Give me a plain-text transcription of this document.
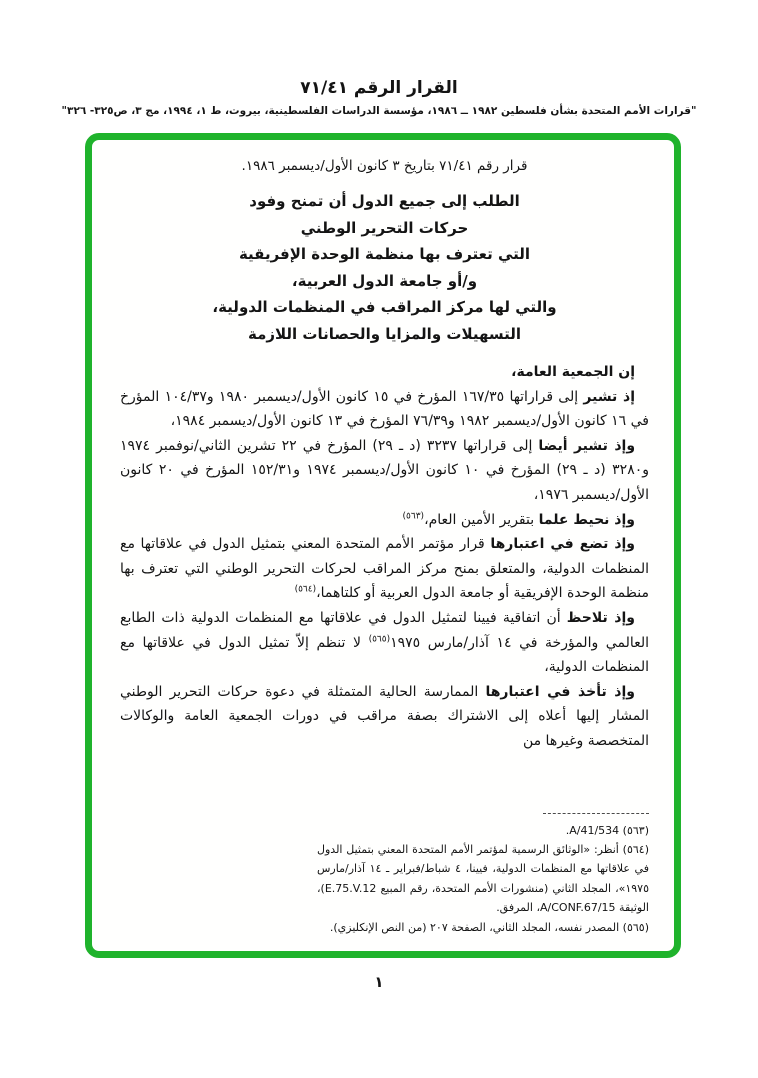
القرار الرقم ٧١/٤١
"قرارات الأمم المتحدة بشأن فلسطين ١٩٨٢ ــ ١٩٨٦، مؤسسة الدراسات الفلسطينية، بيروت، ط ١، ١٩٩٤، مج ٣، ص٣٢٥- ٣٢٦"

قرار رقم ٧١/٤١ بتاريخ ٣ كانون الأول/ديسمبر ١٩٨٦.

الطلب إلى جميع الدول أن تمنح وفود
حركات التحرير الوطني
التي تعترف بها منظمة الوحدة الإفريقية
و/أو جامعة الدول العربية،
والتي لها مركز المراقب في المنظمات الدولية،
التسهيلات والمزايا والحصانات اللازمة

إن الجمعية العامة،

إذ تشير إلى قراراتها ١٦٧/٣٥ المؤرخ في ١٥ كانون الأول/ديسمبر ١٩٨٠ و١٠٤/٣٧ المؤرخ في ١٦ كانون الأول/ديسمبر ١٩٨٢ و٧٦/٣٩ المؤرخ في ١٣ كانون الأول/ديسمبر ١٩٨٤،

وإذ تشير أيضا إلى قراراتها ٣٢٣٧ (د ـ ٢٩) المؤرخ في ٢٢ تشرين الثاني/نوفمبر ١٩٧٤ و٣٢٨٠ (د ـ ٢٩) المؤرخ في ١٠ كانون الأول/ديسمبر ١٩٧٤ و١٥٢/٣١ المؤرخ في ٢٠ كانون الأول/ديسمبر ١٩٧٦،

وإذ نحيط علما بتقرير الأمين العام،$^{(٥٦٣)}$

وإذ تضع في اعتبارها قرار مؤتمر الأمم المتحدة المعني بتمثيل الدول في علاقاتها مع المنظمات الدولية، والمتعلق بمنح مركز المراقب لحركات التحرير الوطني التي تعترف بها منظمة الوحدة الإفريقية أو جامعة الدول العربية أو كلتاهما،$^{(٥٦٤)}$

وإذ تلاحظ أن اتفاقية فيينا لتمثيل الدول في علاقاتها مع المنظمات الدولية ذات الطابع العالمي والمؤرخة في ١٤ آذار/مارس ١٩٧٥$^{(٥٦٥)}$ لا تنظم إلاّ تمثيل الدول في علاقاتها مع المنظمات الدولية،

وإذ تأخذ في اعتبارها الممارسة الحالية المتمثلة في دعوة حركات التحرير الوطني المشار إليها أعلاه إلى الاشتراك بصفة مراقب في دورات الجمعية العامة والوكالات المتخصصة وغيرها من

(٥٦٣) A/41/534.

(٥٦٤) أنظر: «الوثائق الرسمية لمؤتمر الأمم المتحدة المعني بتمثيل الدول في علاقاتها مع المنظمات الدولية، فيينا، ٤ شباط/فبراير ـ ١٤ آذار/مارس ١٩٧٥»، المجلد الثاني (منشورات الأمم المتحدة، رقم المبيع E.75.V.12)، الوثيقة A/CONF.67/15، المرفق.

(٥٦٥) المصدر نفسه، المجلد الثاني، الصفحة ٢٠٧ (من النص الإنكليزي).

١
